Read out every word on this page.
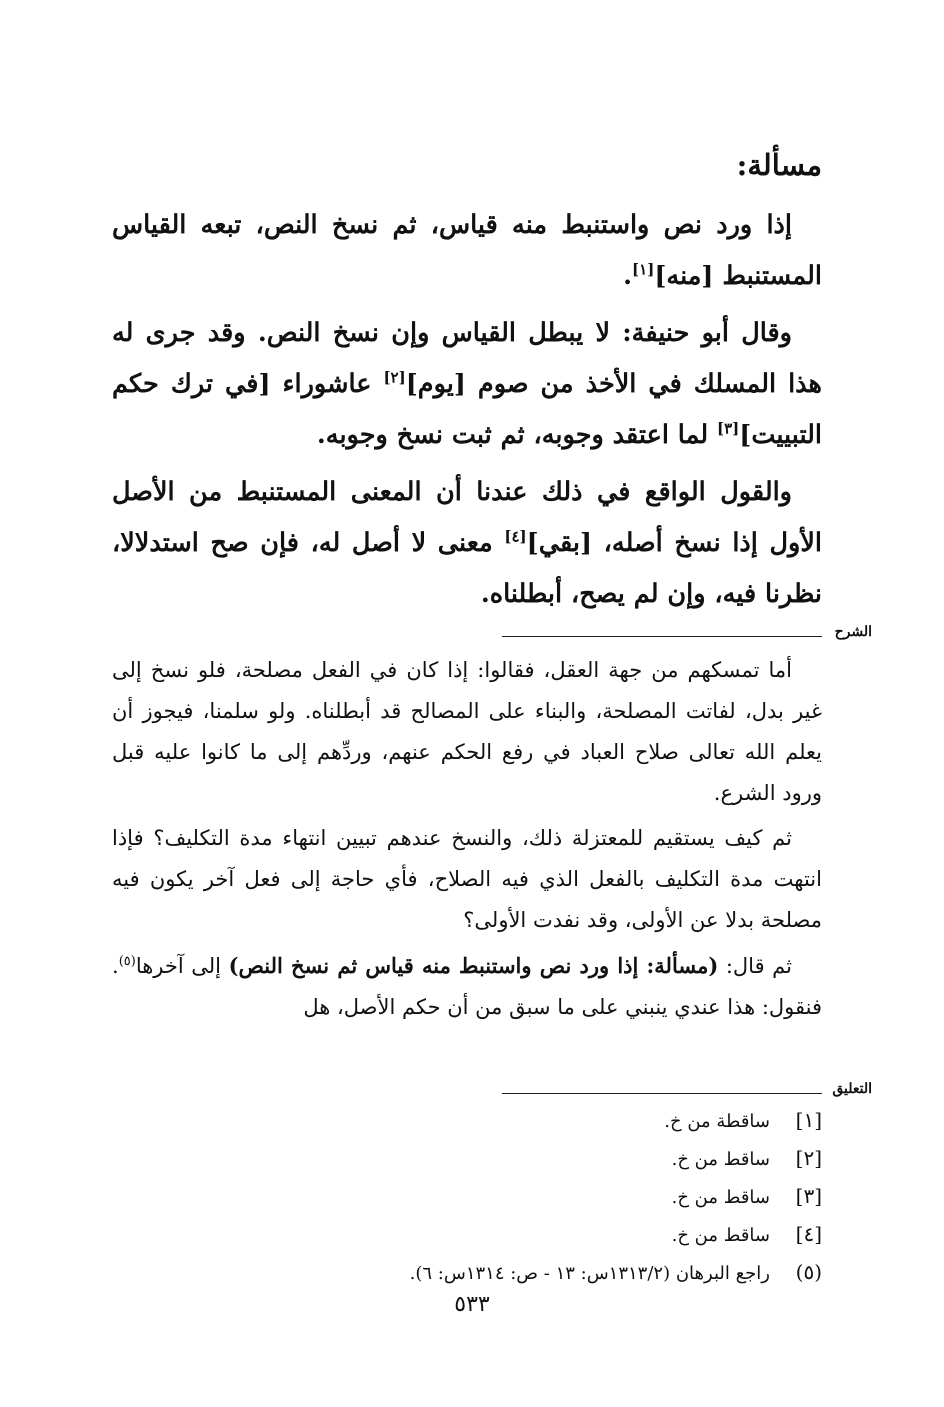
مسألة:

إذا ورد نص واستنبط منه قياس، ثم نسخ النص، تبعه القياس المستنبط [منه][١].

وقال أبو حنيفة: لا يبطل القياس وإن نسخ النص. وقد جرى له هذا المسلك في الأخذ من صوم [يوم][٢] عاشوراء [في ترك حكم التبييت][٣] لما اعتقد وجوبه، ثم ثبت نسخ وجوبه.

والقول الواقع في ذلك عندنا أن المعنى المستنبط من الأصل الأول إذا نسخ أصله، [بقي][٤] معنى لا أصل له، فإن صح استدلالا، نظرنا فيه، وإن لم يصح، أبطلناه.

الشرح

أما تمسكهم من جهة العقل، فقالوا: إذا كان في الفعل مصلحة، فلو نسخ إلى غير بدل، لفاتت المصلحة، والبناء على المصالح قد أبطلناه. ولو سلمنا، فيجوز أن يعلم الله تعالى صلاح العباد في رفع الحكم عنهم، وردِّهم إلى ما كانوا عليه قبل ورود الشرع.

ثم كيف يستقيم للمعتزلة ذلك، والنسخ عندهم تبيين انتهاء مدة التكليف؟ فإذا انتهت مدة التكليف بالفعل الذي فيه الصلاح، فأي حاجة إلى فعل آخر يكون فيه مصلحة بدلا عن الأولى، وقد نفدت الأولى؟

ثم قال: (مسألة: إذا ورد نص واستنبط منه قياس ثم نسخ النص) إلى آخرها$^{(٥)}$. فنقول: هذا عندي ينبني على ما سبق من أن حكم الأصل، هل

التعليق
[١]ساقطة من خ.
[٢]ساقط من خ.
[٣]ساقط من خ.
[٤]ساقط من خ.
(٥)راجع البرهان (١٣١٣/٢س: ١٣ - ص: ١٣١٤س: ٦).
٥٣٣
